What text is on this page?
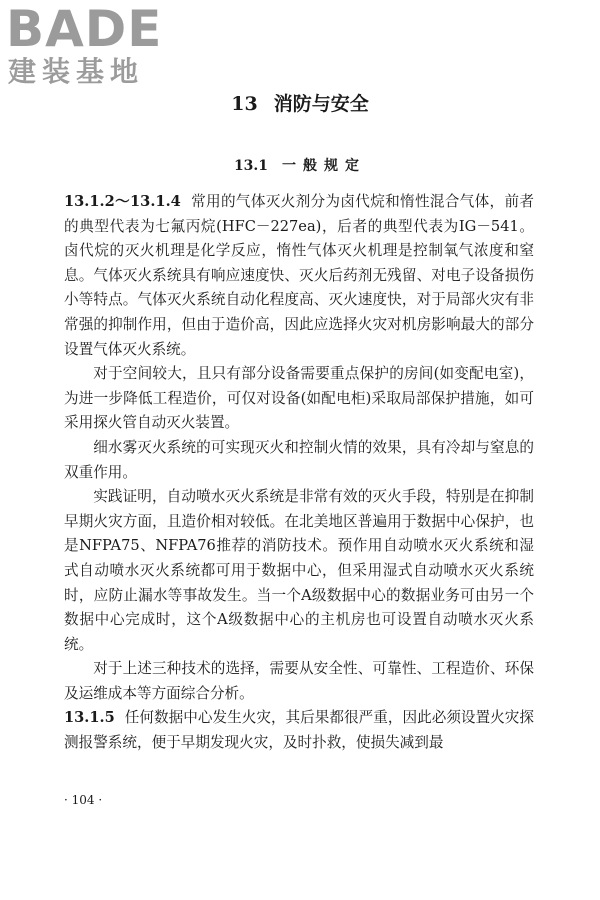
BADE
建装基地
13 消防与安全
13.1 一般规定

13.1.2～13.1.4 常用的气体灭火剂分为卤代烷和惰性混合气体，前者的典型代表为七氟丙烷(HFC－227ea)，后者的典型代表为IG－541。卤代烷的灭火机理是化学反应，惰性气体灭火机理是控制氧气浓度和窒息。气体灭火系统具有响应速度快、灭火后药剂无残留、对电子设备损伤小等特点。气体灭火系统自动化程度高、灭火速度快，对于局部火灾有非常强的抑制作用，但由于造价高，因此应选择火灾对机房影响最大的部分设置气体灭火系统。

对于空间较大，且只有部分设备需要重点保护的房间(如变配电室)，为进一步降低工程造价，可仅对设备(如配电柜)采取局部保护措施，如可采用探火管自动灭火装置。

细水雾灭火系统的可实现灭火和控制火情的效果，具有冷却与窒息的双重作用。

实践证明，自动喷水灭火系统是非常有效的灭火手段，特别是在抑制早期火灾方面，且造价相对较低。在北美地区普遍用于数据中心保护，也是NFPA75、NFPA76推荐的消防技术。预作用自动喷水灭火系统和湿式自动喷水灭火系统都可用于数据中心，但采用湿式自动喷水灭火系统时，应防止漏水等事故发生。当一个A级数据中心的数据业务可由另一个数据中心完成时，这个A级数据中心的主机房也可设置自动喷水灭火系统。

对于上述三种技术的选择，需要从安全性、可靠性、工程造价、环保及运维成本等方面综合分析。

13.1.5 任何数据中心发生火灾，其后果都很严重，因此必须设置火灾探测报警系统，便于早期发现火灾，及时扑救，使损失减到最

· 104 ·
